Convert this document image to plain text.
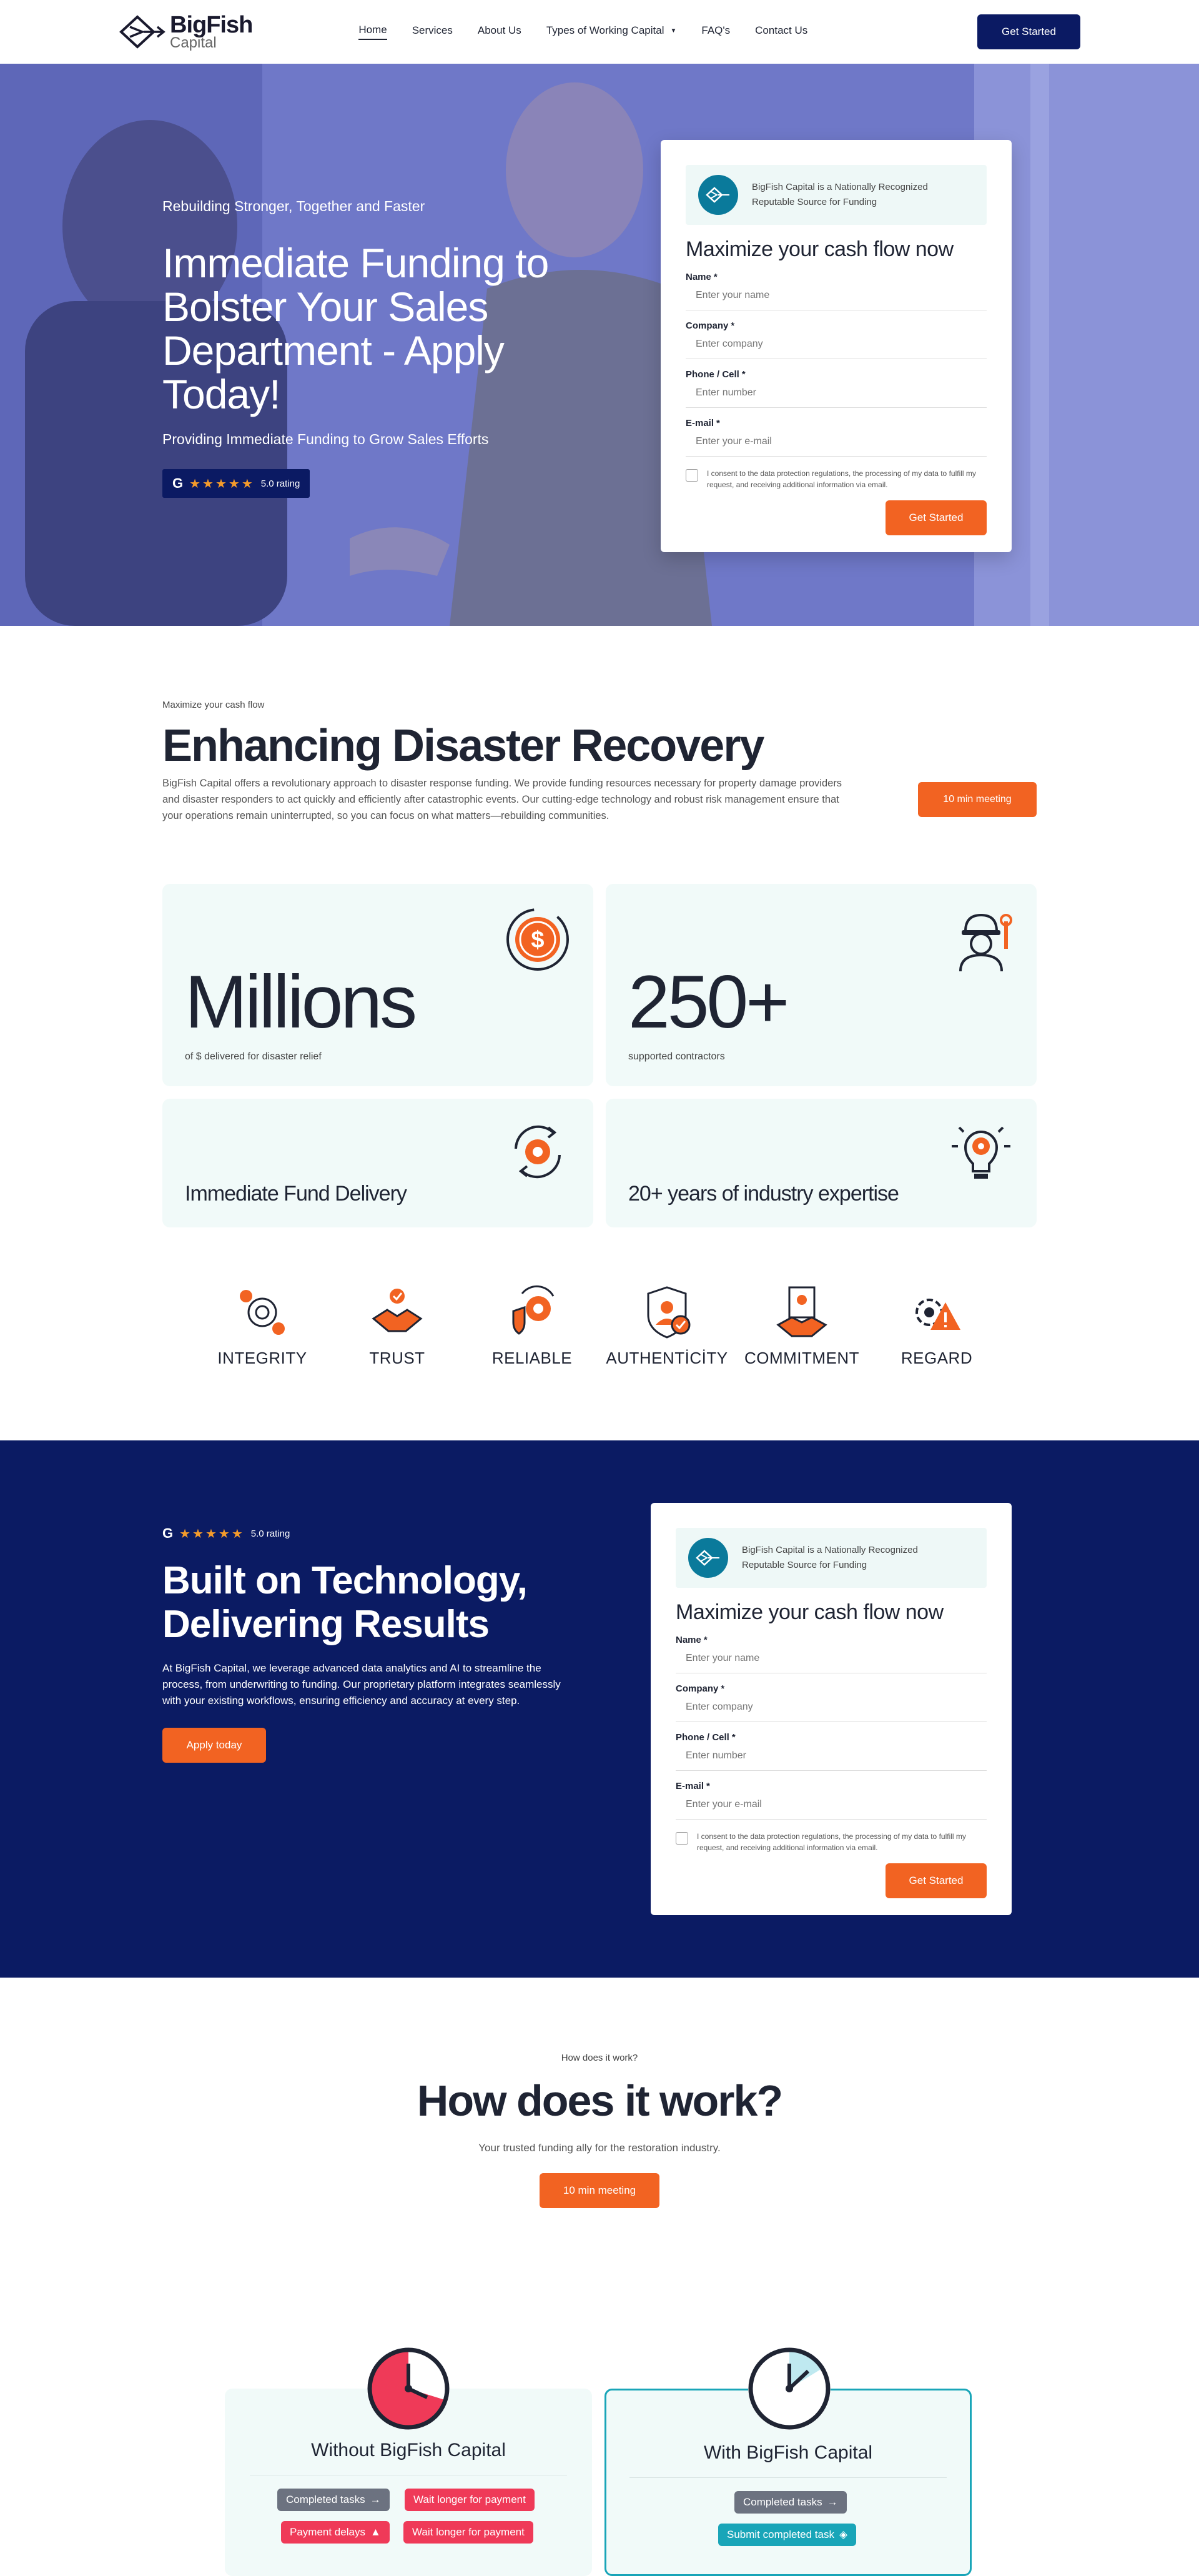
BigFish
Capital
Home Services About Us Types of Working Capital ▼ FAQ's Contact Us	Get Started
Rebuilding Stronger, Together and Faster
Immediate Funding to Bolster Your Sales Department - Apply Today!
Providing Immediate Funding to Grow Sales Efforts
G ★★★★★ 5.0 rating
BigFish Capital is a Nationally Recognized Reputable Source for Funding
Maximize your cash flow now
Name *
Enter your name
Company *
Enter company
Phone / Cell *
Enter number
E-mail *
Enter your e-mail
I consent to the data protection regulations, the processing of my data to fulfill my request, and receiving additional information via email.
Get Started
Maximize your cash flow
Enhancing Disaster Recovery

BigFish Capital offers a revolutionary approach to disaster response funding. We provide funding resources necessary for property damage providers and disaster responders to act quickly and efficiently after catastrophic events. Our cutting-edge technology and robust risk management ensure that your operations remain uninterrupted, so you can focus on what matters—rebuilding communities.

10 min meeting
$
Millions
of $ delivered for disaster relief
250+
supported contractors
Immediate Fund Delivery	20+ years of industry expertise
INTEGRITY	TRUST	RELIABLE	AUTHENTİCİTY	COMMITMENT	REGARD
G ★★★★★ 5.0 rating
Built on Technology, Delivering Results

At BigFish Capital, we leverage advanced data analytics and AI to streamline the process, from underwriting to funding. Our proprietary platform integrates seamlessly with your existing workflows, ensuring efficiency and accuracy at every step.

Apply today
BigFish Capital is a Nationally Recognized Reputable Source for Funding
Maximize your cash flow now
Name *
Enter your name
Company *
Enter company
Phone / Cell *
Enter number
E-mail *
Enter your e-mail
I consent to the data protection regulations, the processing of my data to fulfill my request, and receiving additional information via email.
Get Started
How does it work?
How does it work?
Your trusted funding ally for the restoration industry.
10 min meeting
Without BigFish Capital	With BigFish Capital
Completed tasks →	Wait longer for payment
Payment delays ▲	Wait longer for payment
Completed tasks →
Submit completed task ◈
